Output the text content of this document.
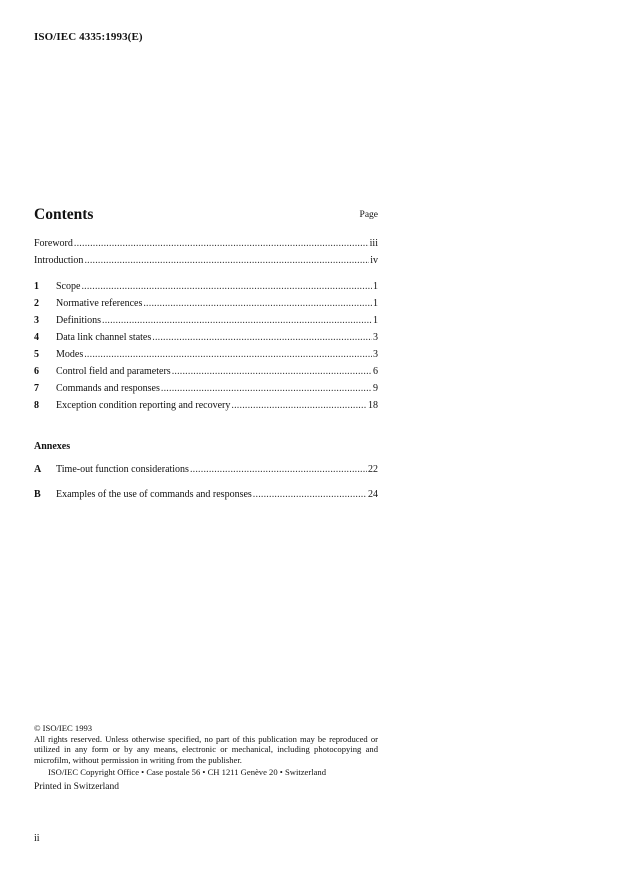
ISO/IEC 4335:1993(E)
Contents	Page
Foreword .....	iii
Introduction .....	iv
1	Scope .....	1
2	Normative references .....	1
3	Definitions .....	1
4	Data link channel states .....	3
5	Modes .....	3
6	Control field and parameters .....	6
7	Commands and responses .....	9
8	Exception condition reporting and recovery .....	18
Annexes
A	Time-out function considerations .....	22
B	Examples of the use of commands and responses .....	24
© ISO/IEC 1993
All rights reserved. Unless otherwise specified, no part of this publication may be reproduced or utilized in any form or by any means, electronic or mechanical, including photocopying and microfilm, without permission in writing from the publisher.
ISO/IEC Copyright Office • Case postale 56 • CH 1211 Genève 20 • Switzerland
Printed in Switzerland
ii
